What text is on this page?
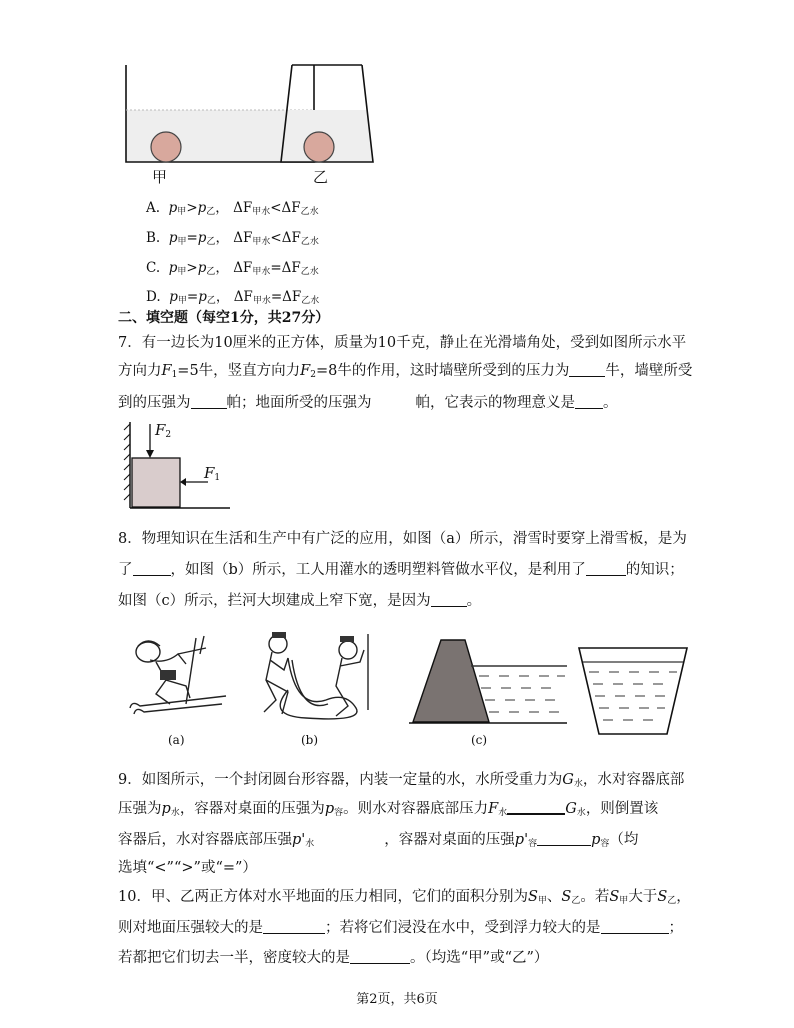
甲	乙
A. $p_甲>p_乙$， $\Delta F_{甲水}<\Delta F_{乙水}$
B. $p_甲=p_乙$， $\Delta F_{甲水}<\Delta F_{乙水}$
C. $p_甲>p_乙$， $\Delta F_{甲水}=\Delta F_{乙水}$
D. $p_甲=p_乙$， $\Delta F_{甲水}=\Delta F_{乙水}$
二、填空题（每空1分，共27分）
7．有一边长为10厘米的正方体，质量为10千克，静止在光滑墙角处，受到如图所示水平
方向力$F_1=5$牛，竖直方向力$F_2=8$牛的作用，这时墙壁所受到的压力为 牛，墙壁所受
到的压强为 帕；地面所受的压强为	帕，它表示的物理意义是 。
$F_2$
$F_1$
8．物理知识在生活和生产中有广泛的应用，如图（a）所示，滑雪时要穿上滑雪板，是为
了	，如图（b）所示，工人用灌水的透明塑料管做水平仪，是利用了	的知识；
如图（c）所示，拦河大坝建成上窄下宽，是因为 。
(a)	(b)	(c)
9．如图所示，一个封闭圆台形容器，内装一定量的水，水所受重力为$G_水$，水对容器底部
压强为$p_水$，容器对桌面的压强为$p_容$。则水对容器底部压力$F_水$	$G_水$，则倒置该
容器后，水对容器底部压强$p'_水$	，容器对桌面的压强$p'_容$	$p_容$（均
选填“<”“>”或“=”）
10．甲、乙两正方体对水平地面的压力相同，它们的面积分别为$S_甲$、$S_乙$。若$S_甲$大于$S_乙$，
则对地面压强较大的是	；若将它们浸没在水中，受到浮力较大的是	；
若都把它们切去一半，密度较大的是	。（均选“甲”或“乙”）
第2页，共6页
